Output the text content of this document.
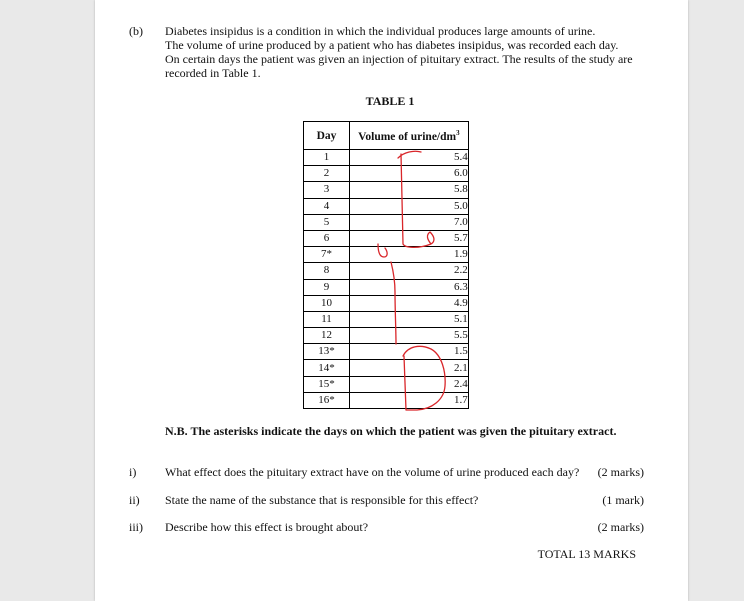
(b) Diabetes insipidus is a condition in which the individual produces large amounts of urine.
The volume of urine produced by a patient who has diabetes insipidus, was recorded each day.
On certain days the patient was given an injection of pituitary extract. The results of the study are
recorded in Table 1.
TABLE 1
Day	Volume of urine/$dm^3$
1	5.4
2	6.0
3	5.8
4	5.0
5	7.0
6	5.7
7*	1.9
8	2.2
9	6.3
10	4.9
11	5.1
12	5.5
13*	1.5
14*	2.1
15*	2.4
16*	1.7
N.B. The asterisks indicate the days on which the patient was given the pituitary extract.
i) What effect does the pituitary extract have on the volume of urine produced each day? (2 marks)
ii) State the name of the substance that is responsible for this effect?	(1 mark)
iii) Describe how this effect is brought about?	(2 marks)
TOTAL 13 MARKS
